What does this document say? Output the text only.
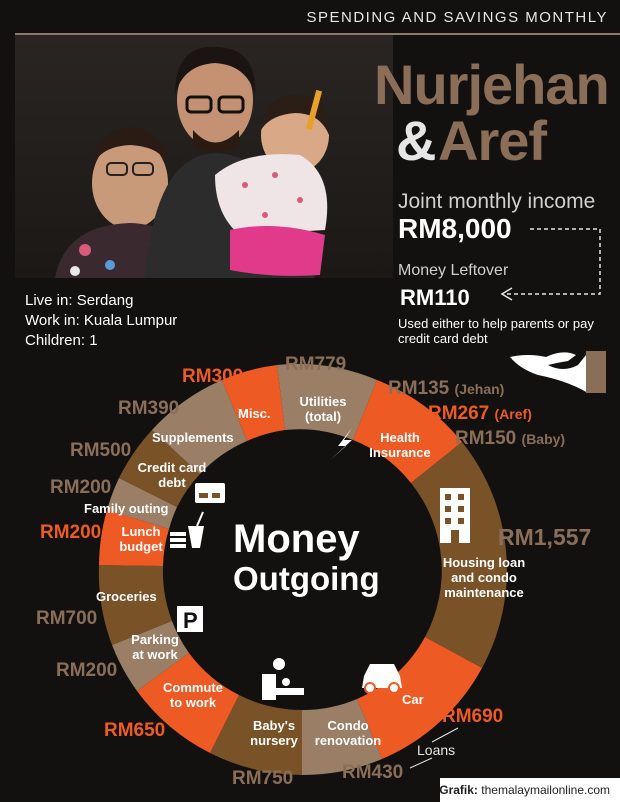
SPENDING AND SAVINGS MONTHLY
Nurjehan
& Aref
Joint monthly income
RM8,000
Money Leftover
RM110
Used either to help parents or pay credit card debt
Live in: Serdang
Work in: Kuala Lumpur
Children: 1
P
Misc.
Utilities (total)
Health Insurance
Housing loan and condo maintenance
Car
Condo renovation
Baby's nursery
Commute to work
Parking at work
Groceries
Lunch budget
Family outing
Credit card debt
Supplements
RM300
RM779
RM135 (Jehan)
RM267 (Aref)
RM150 (Baby)
RM1,557
RM690
RM430
RM750
RM650
RM200
RM700
RM200
RM200
RM500
RM390
Money
Outgoing
Loans
Grafik: themalaymailonline.com
